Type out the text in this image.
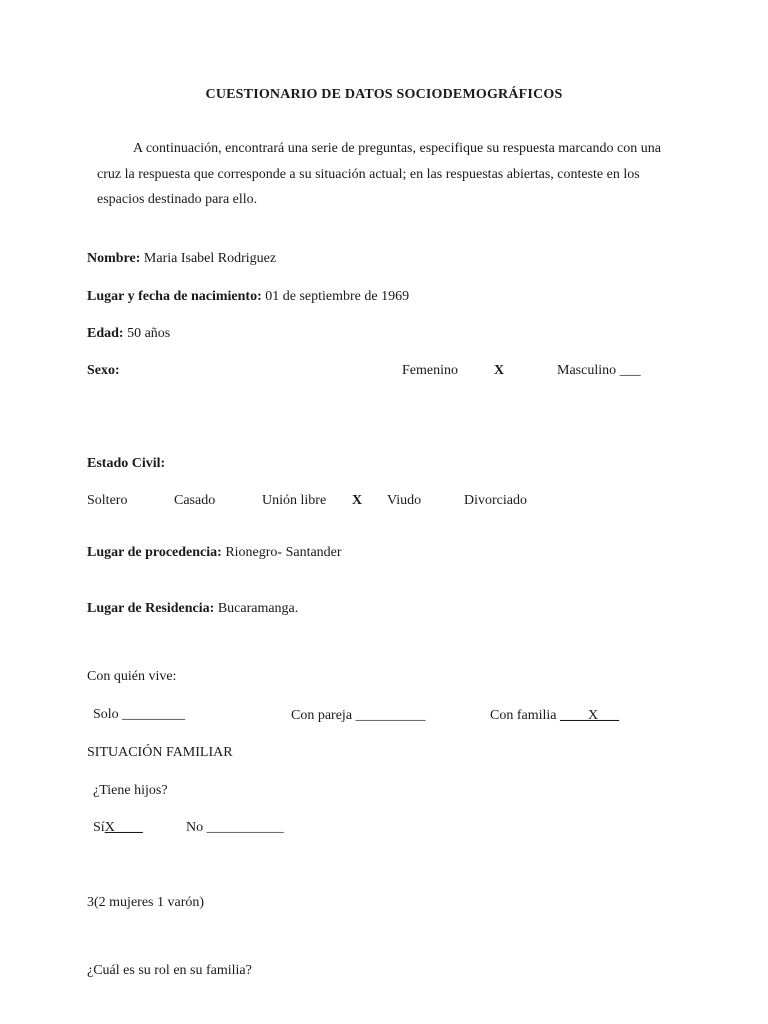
CUESTIONARIO DE DATOS SOCIODEMOGRÁFICOS
A continuación, encontrará una serie de preguntas, especifique su respuesta marcando con una cruz la respuesta que corresponde a su situación actual; en las respuestas abiertas, conteste en los espacios destinado para ello.
Nombre: Maria Isabel Rodriguez
Lugar y fecha de nacimiento: 01 de septiembre de 1969
Edad: 50 años
Sexo:	Femenino	X	Masculino ___
Estado Civil:
Soltero	Casado	Unión libre X Viudo	Divorciado
Lugar de procedencia: Rionegro- Santander
Lugar de Residencia: Bucaramanga.
Con quién vive:
Solo _________	Con pareja __________	Con familia ____X___
SITUACIÓN FAMILIAR
¿Tiene hijos?
SíX____	No ___________
3(2 mujeres 1 varón)
¿Cuál es su rol en su familia?
